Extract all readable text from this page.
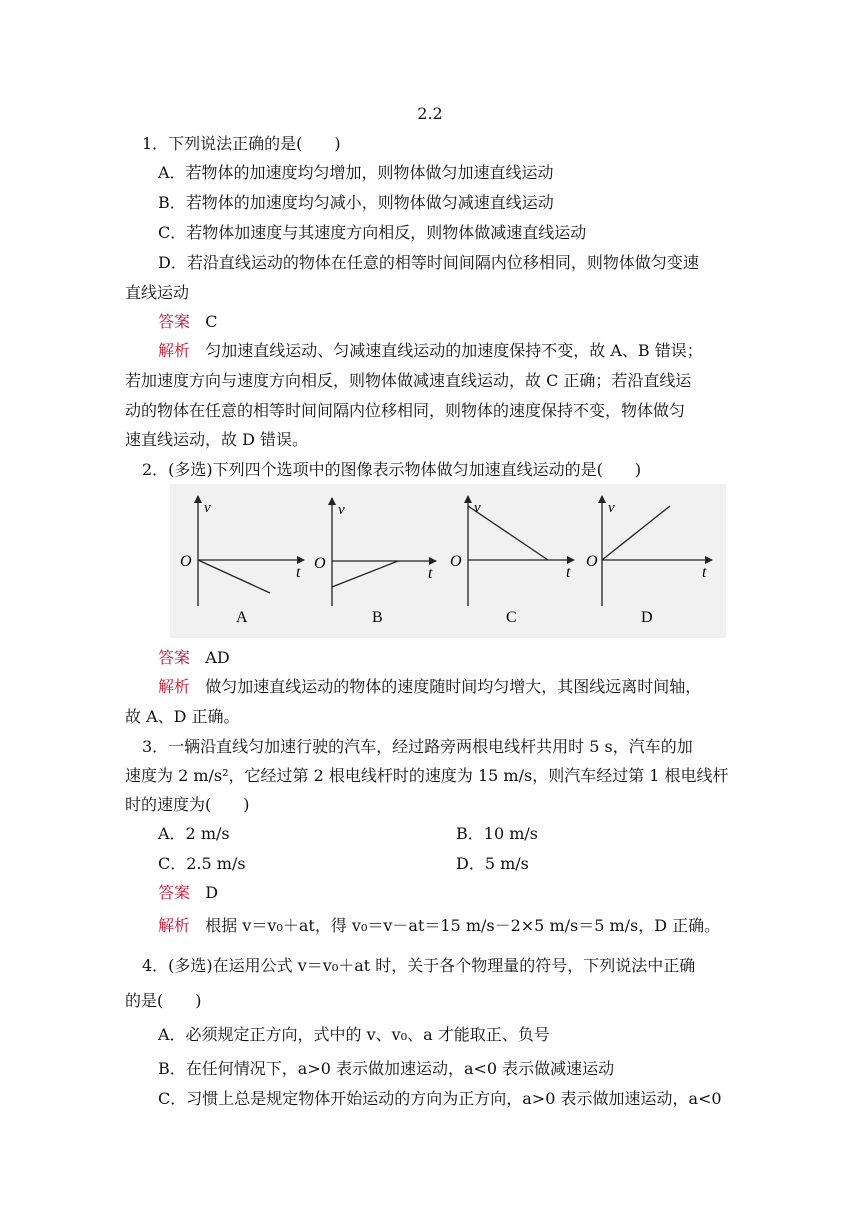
2.2
1．下列说法正确的是(　　)
A．若物体的加速度均匀增加，则物体做匀加速直线运动
B．若物体的加速度均匀减小，则物体做匀减速直线运动
C．若物体加速度与其速度方向相反，则物体做减速直线运动
D．若沿直线运动的物体在任意的相等时间间隔内位移相同，则物体做匀变速
直线运动
答案 C
解析 匀加速直线运动、匀减速直线运动的加速度保持不变，故 A、B 错误；
若加速度方向与速度方向相反，则物体做减速直线运动，故 C 正确；若沿直线运
动的物体在任意的相等时间间隔内位移相同，则物体的速度保持不变，物体做匀
速直线运动，故 D 错误。
2．(多选)下列四个选项中的图像表示物体做匀加速直线运动的是(　　)
v
t
O
A
v
t
O
B
v
t
O
C
v
t
O
D
答案 AD
解析 做匀加速直线运动的物体的速度随时间均匀增大，其图线远离时间轴，
故 A、D 正确。
3．一辆沿直线匀加速行驶的汽车，经过路旁两根电线杆共用时 5 s，汽车的加
速度为 2 m/s²，它经过第 2 根电线杆时的速度为 15 m/s，则汽车经过第 1 根电线杆
时的速度为(　　)
A．2 m/s	B．10 m/s
C．2.5 m/s	D．5 m/s
答案 D
解析 根据 v＝v₀＋at，得 v₀＝v－at＝15 m/s－2×5 m/s＝5 m/s，D 正确。
4．(多选)在运用公式 v＝v₀＋at 时，关于各个物理量的符号，下列说法中正确
的是(　　)
A．必须规定正方向，式中的 v、v₀、a 才能取正、负号
B．在任何情况下，a>0 表示做加速运动，a<0 表示做减速运动
C．习惯上总是规定物体开始运动的方向为正方向，a>0 表示做加速运动，a<0
